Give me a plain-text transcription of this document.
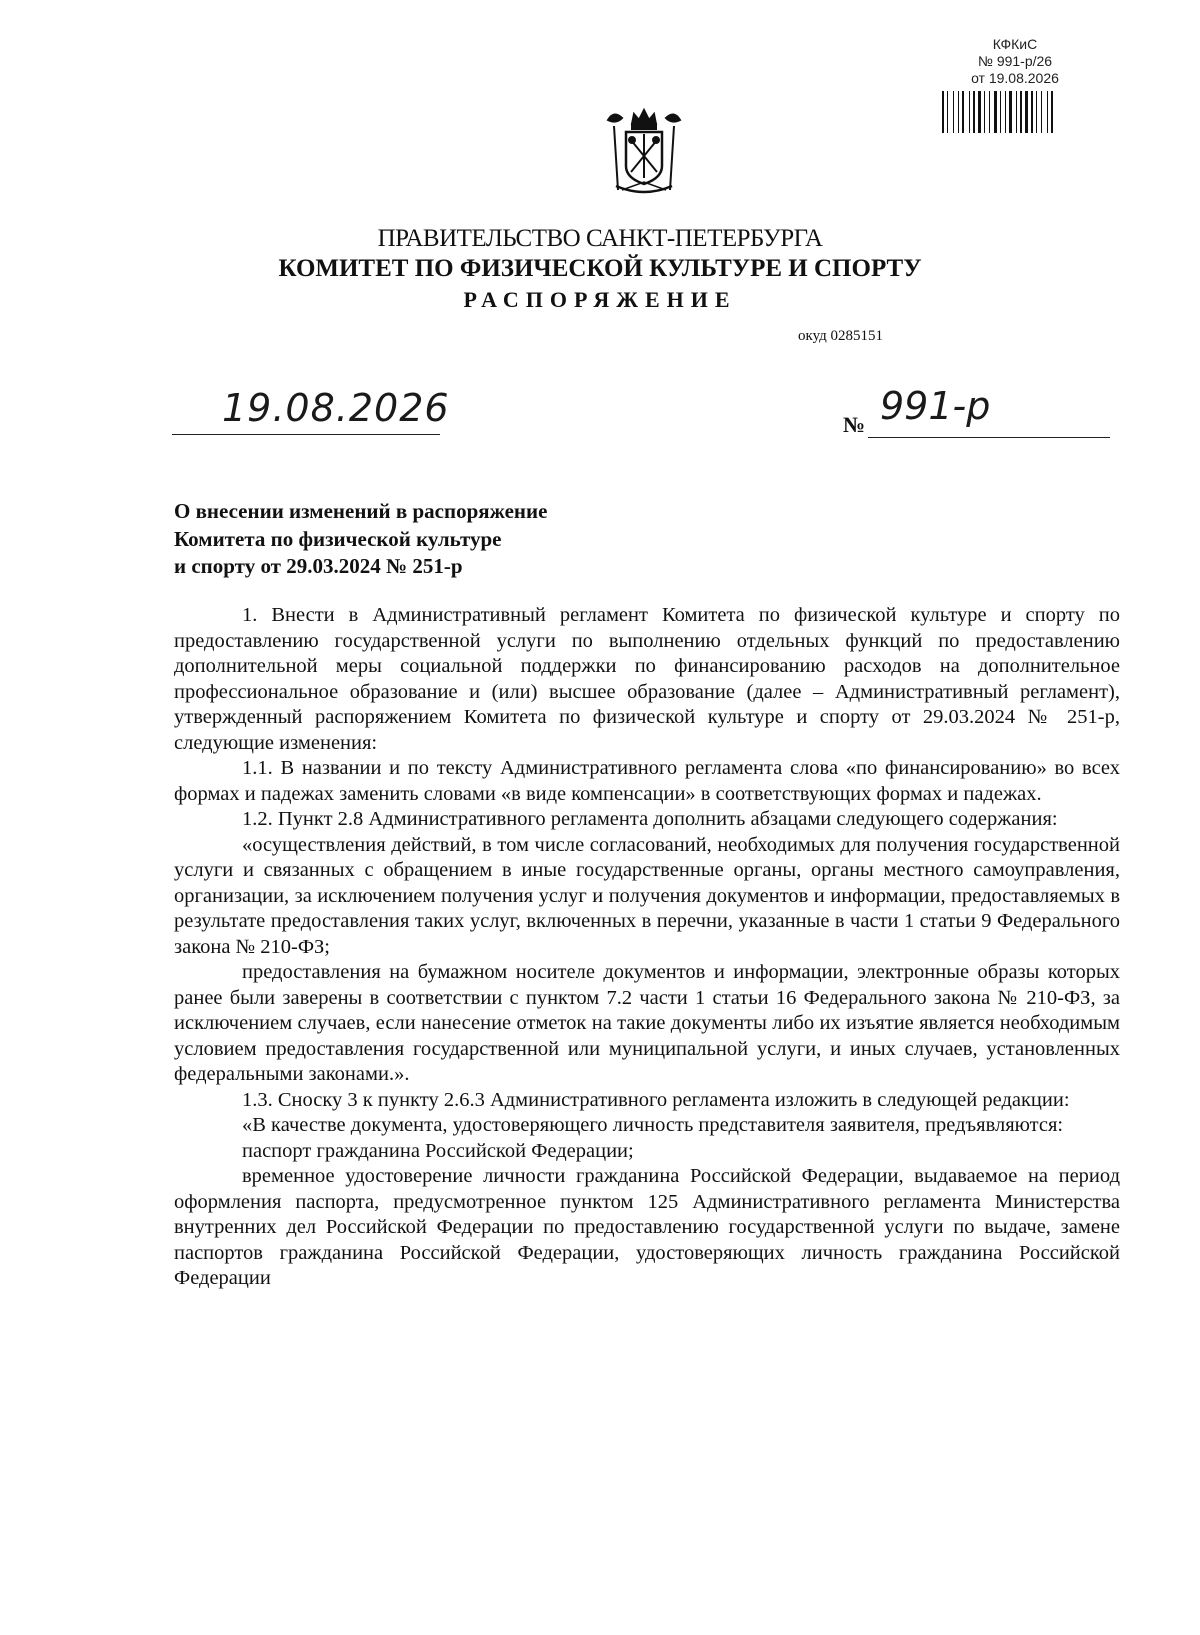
КФКиС
№ 991-р/26
от 19.08.2026
ПРАВИТЕЛЬСТВО САНКТ-ПЕТЕРБУРГА
КОМИТЕТ ПО ФИЗИЧЕСКОЙ КУЛЬТУРЕ И СПОРТУ
РАСПОРЯЖЕНИЕ
окуд 0285151
19.08.2026	№ 991-р
О внесении изменений в распоряжение
Комитета по физической культуре
и спорту от 29.03.2024 № 251-р

1. Внести в Административный регламент Комитета по физической культуре и спорту по предоставлению государственной услуги по выполнению отдельных функций по предоставлению дополнительной меры социальной поддержки по финансированию расходов на дополнительное профессиональное образование и (или) высшее образование (далее – Административный регламент), утвержденный распоряжением Комитета по физической культуре и спорту от 29.03.2024 № 251-р, следующие изменения:

1.1. В названии и по тексту Административного регламента слова «по финансированию» во всех формах и падежах заменить словами «в виде компенсации» в соответствующих формах и падежах.

1.2. Пункт 2.8 Административного регламента дополнить абзацами следующего содержания:

«осуществления действий, в том числе согласований, необходимых для получения государственной услуги и связанных с обращением в иные государственные органы, органы местного самоуправления, организации, за исключением получения услуг и получения документов и информации, предоставляемых в результате предоставления таких услуг, включенных в перечни, указанные в части 1 статьи 9 Федерального закона № 210-ФЗ;

предоставления на бумажном носителе документов и информации, электронные образы которых ранее были заверены в соответствии с пунктом 7.2 части 1 статьи 16 Федерального закона № 210-ФЗ, за исключением случаев, если нанесение отметок на такие документы либо их изъятие является необходимым условием предоставления государственной или муниципальной услуги, и иных случаев, установленных федеральными законами.».

1.3. Сноску 3 к пункту 2.6.3 Административного регламента изложить в следующей редакции:

«В качестве документа, удостоверяющего личность представителя заявителя, предъявляются:

паспорт гражданина Российской Федерации;

временное удостоверение личности гражданина Российской Федерации, выдаваемое на период оформления паспорта, предусмотренное пунктом 125 Административного регламента Министерства внутренних дел Российской Федерации по предоставлению государственной услуги по выдаче, замене паспортов гражданина Российской Федерации, удостоверяющих личность гражданина Российской Федерации
